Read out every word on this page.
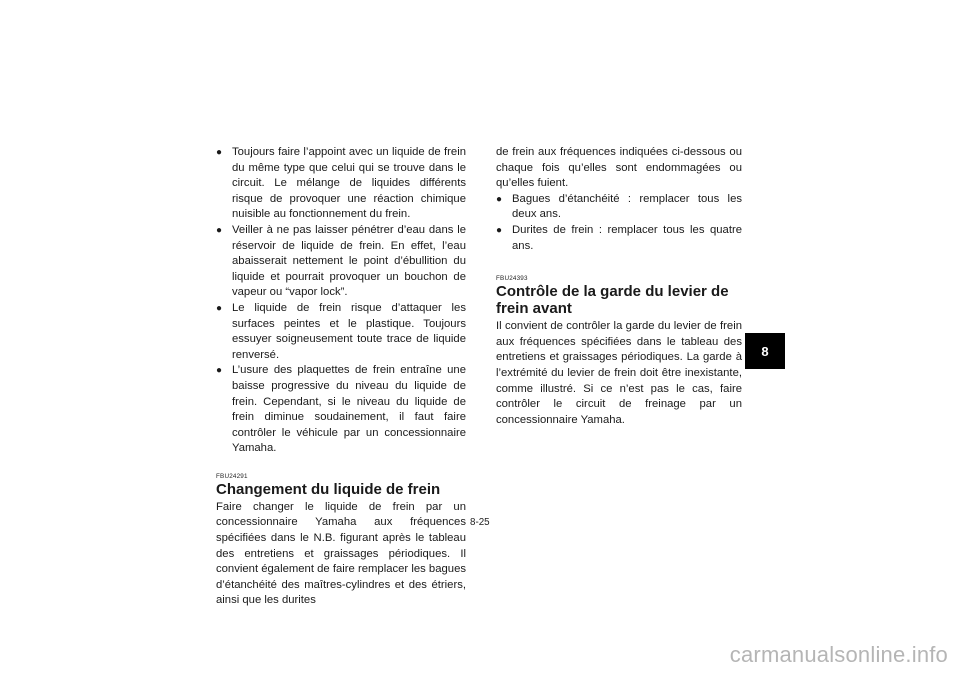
● Toujours faire l’appoint avec un liquide de frein du même type que celui qui se trouve dans le circuit. Le mélange de liquides différents risque de provoquer une réaction chimique nuisible au fonctionnement du frein.
● Veiller à ne pas laisser pénétrer d’eau dans le réservoir de liquide de frein. En effet, l’eau abaisserait nettement le point d’ébullition du liquide et pourrait provoquer un bouchon de vapeur ou “vapor lock”.
● Le liquide de frein risque d’attaquer les surfaces peintes et le plastique. Toujours essuyer soigneusement toute trace de liquide renversé.
● L’usure des plaquettes de frein entraîne une baisse progressive du niveau du liquide de frein. Cependant, si le niveau du liquide de frein diminue soudainement, il faut faire contrôler le véhicule par un concessionnaire Yamaha.
FBU24291
Changement du liquide de frein

Faire changer le liquide de frein par un concessionnaire Yamaha aux fréquences spécifiées dans le N.B. figurant après le tableau des entretiens et graissages périodiques. Il convient également de faire remplacer les bagues d’étanchéité des maîtres-cylindres et des étriers, ainsi que les durites

de frein aux fréquences indiquées ci-dessous ou chaque fois qu’elles sont endommagées ou qu’elles fuient.

● Bagues d’étanchéité : remplacer tous les deux ans.
● Durites de frein : remplacer tous les quatre ans.
FBU24393
Contrôle de la garde du levier de frein avant

Il convient de contrôler la garde du levier de frein aux fréquences spécifiées dans le tableau des entretiens et graissages périodiques. La garde à l’extrémité du levier de frein doit être inexistante, comme illustré. Si ce n’est pas le cas, faire contrôler le circuit de freinage par un concessionnaire Yamaha.

8-25
8
carmanualsonline.info
